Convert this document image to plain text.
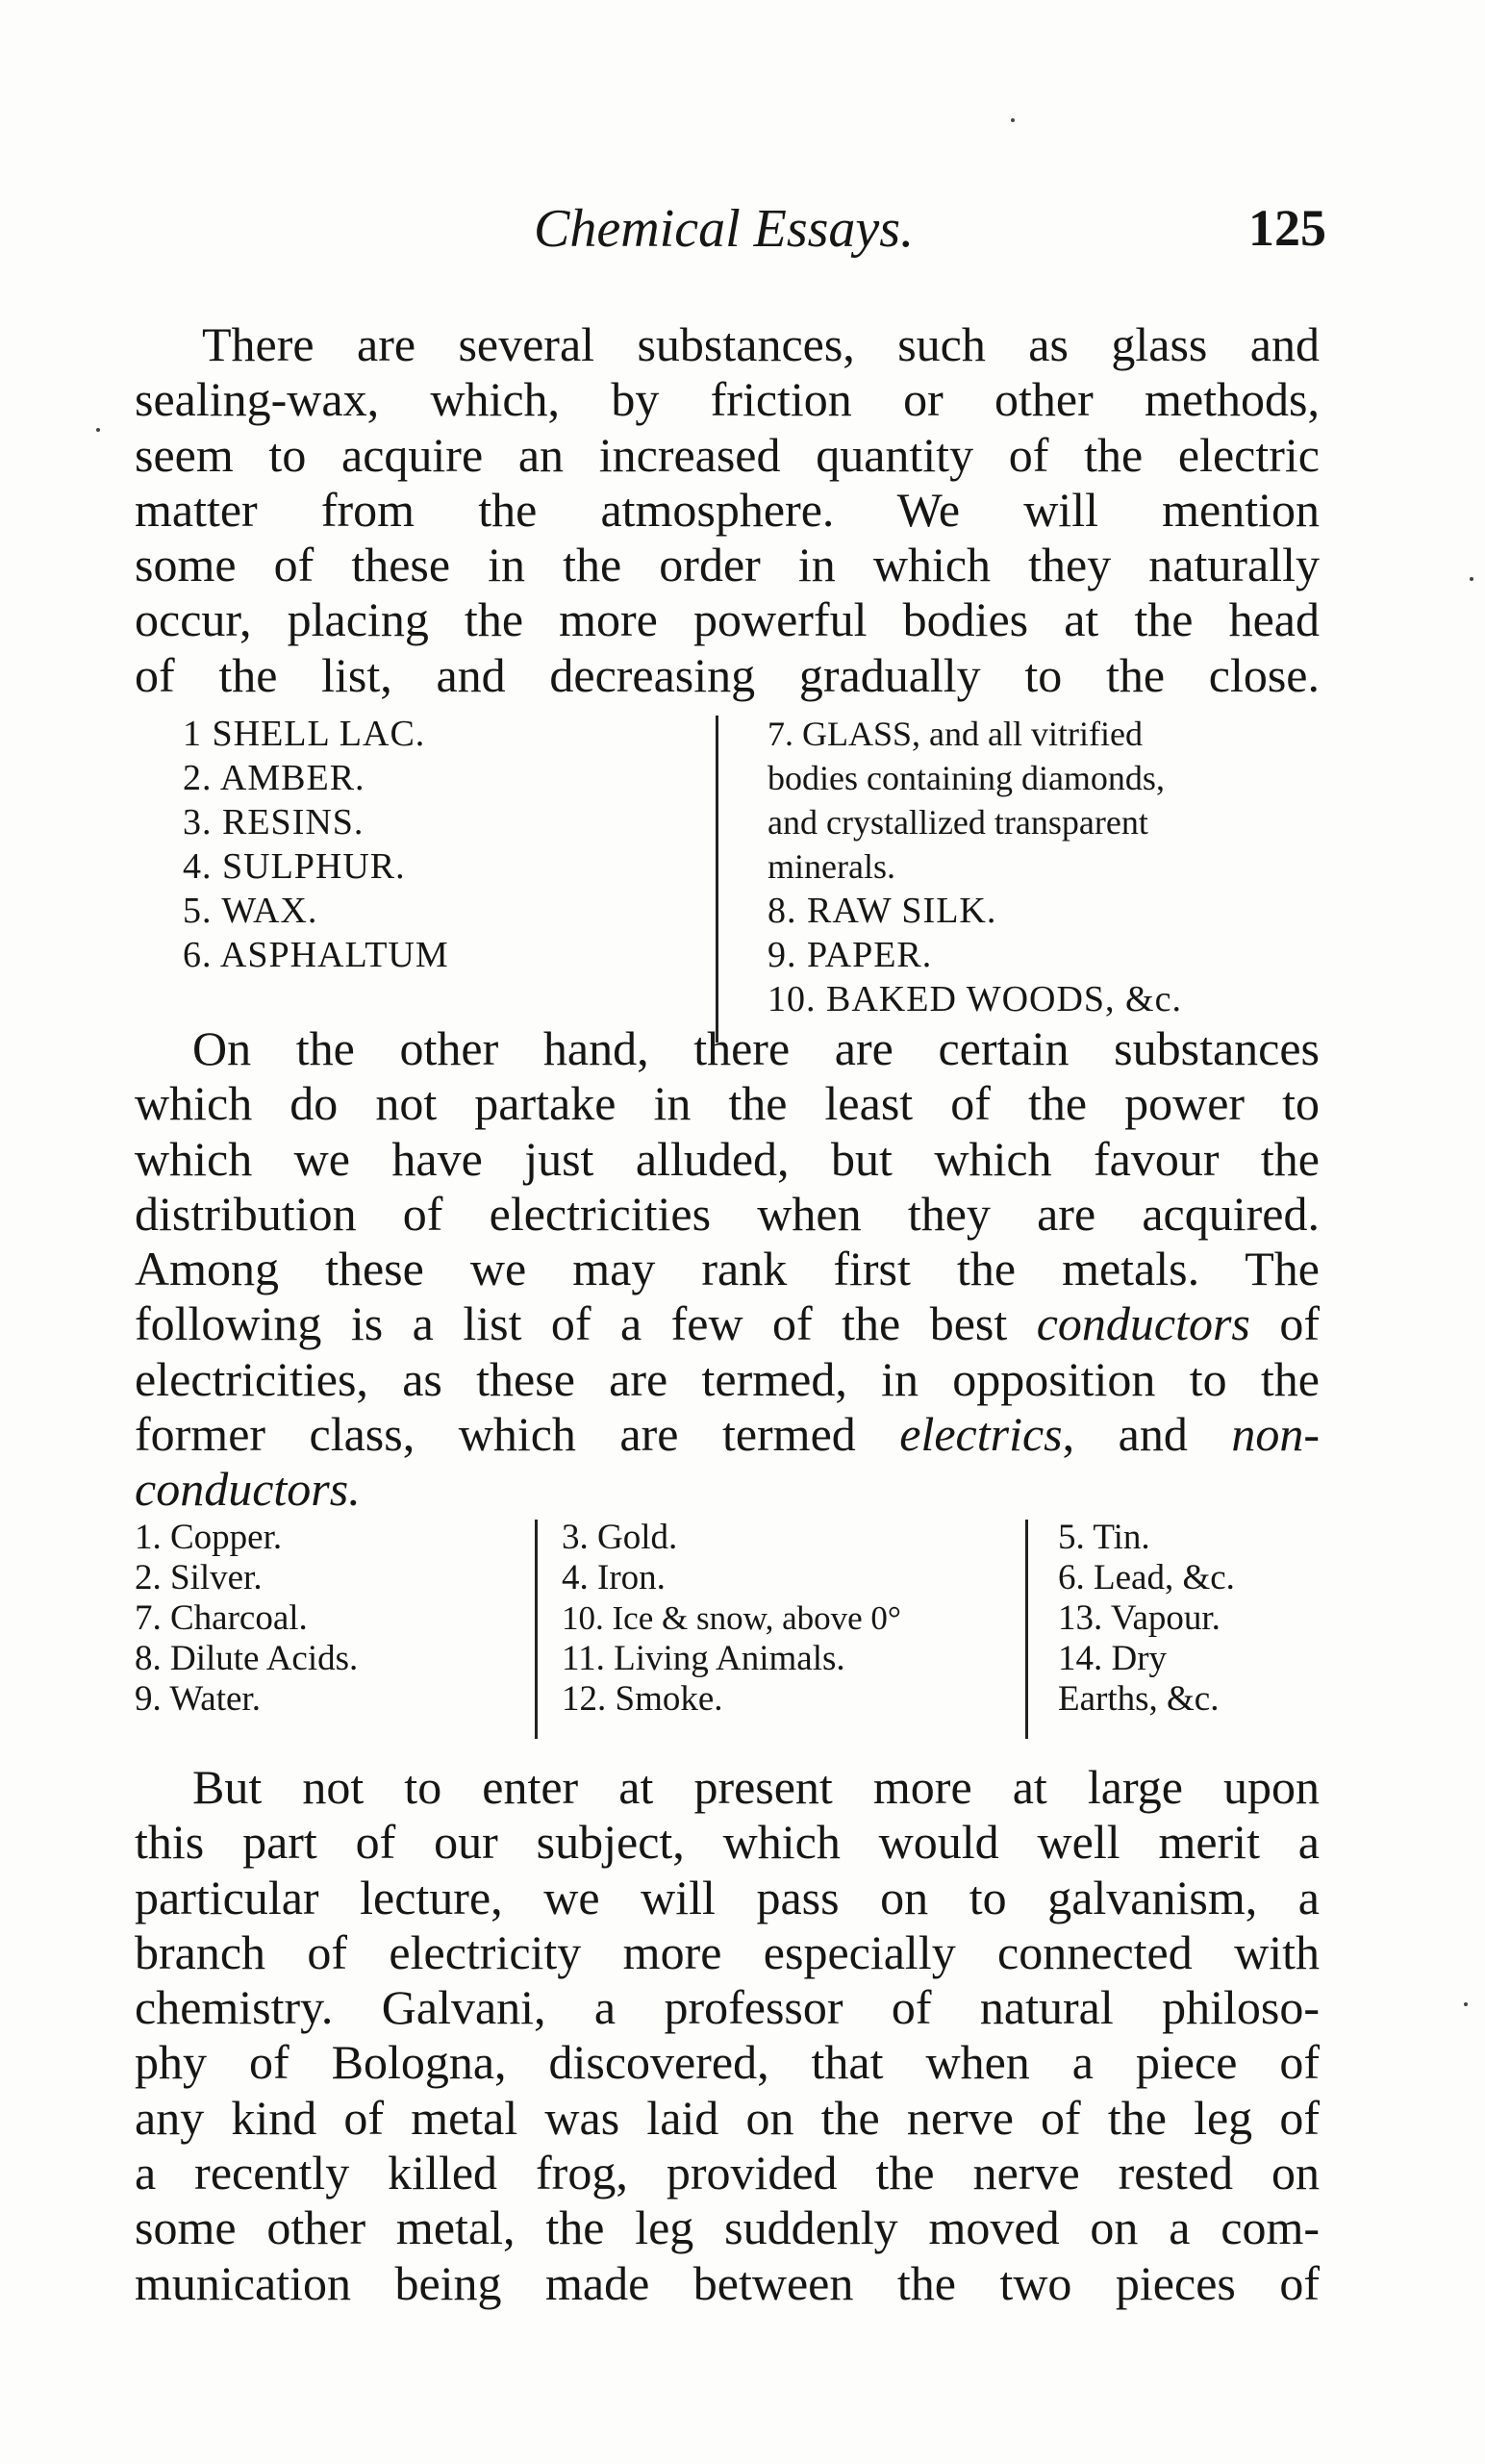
Chemical Essays.	125
There are several substances, such as glass and
sealing-wax, which, by friction or other methods,
seem to acquire an increased quantity of the electric
matter from the atmosphere. We will mention
some of these in the order in which they naturally
occur, placing the more powerful bodies at the head
of the list, and decreasing gradually to the close.
1 SHELL LAC.
2. AMBER.
3. RESINS.
4. SULPHUR.
5. WAX.
6. ASPHALTUM
7. GLASS, and all vitrified
bodies containing diamonds,
and crystallized transparent
minerals.
8. RAW SILK.
9. PAPER.
10. BAKED WOODS, &c.
On the other hand, there are certain substances
which do not partake in the least of the power to
which we have just alluded, but which favour the
distribution of electricities when they are acquired.
Among these we may rank first the metals. The
following is a list of a few of the best conductors of
electricities, as these are termed, in opposition to the
former class, which are termed electrics, and non-
conductors.
1. Copper.
2. Silver.
7. Charcoal.
8. Dilute Acids.
9. Water.
3. Gold.
4. Iron.
10. Ice & snow, above 0°
11. Living Animals.
12. Smoke.
5. Tin.
6. Lead, &c.
13. Vapour.
14. Dry
Earths, &c.
But not to enter at present more at large upon
this part of our subject, which would well merit a
particular lecture, we will pass on to galvanism, a
branch of electricity more especially connected with
chemistry. Galvani, a professor of natural philoso-
phy of Bologna, discovered, that when a piece of
any kind of metal was laid on the nerve of the leg of
a recently killed frog, provided the nerve rested on
some other metal, the leg suddenly moved on a com-
munication being made between the two pieces of
